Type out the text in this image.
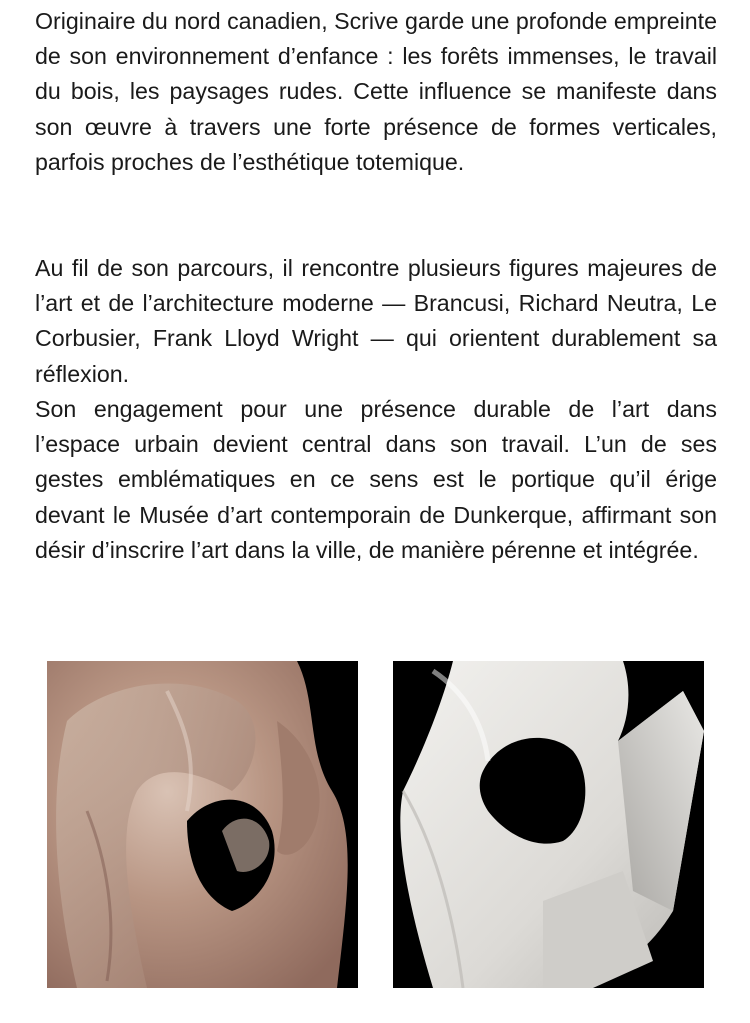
Originaire du nord canadien, Scrive garde une profonde empreinte de son environnement d’enfance : les forêts immenses, le travail du bois, les paysages rudes. Cette influence se manifeste dans son œuvre à travers une forte présence de formes verticales, parfois proches de l’esthétique totemique.

Au fil de son parcours, il rencontre plusieurs figures majeures de l’art et de l’architecture moderne — Brancusi, Richard Neutra, Le Corbusier, Frank Lloyd Wright — qui orientent durablement sa réflexion.

Son engagement pour une présence durable de l’art dans l’espace urbain devient central dans son travail. L’un de ses gestes emblématiques en ce sens est le portique qu’il érige devant le Musée d’art contemporain de Dunkerque, affirmant son désir d’inscrire l’art dans la ville, de manière pérenne et intégrée.
